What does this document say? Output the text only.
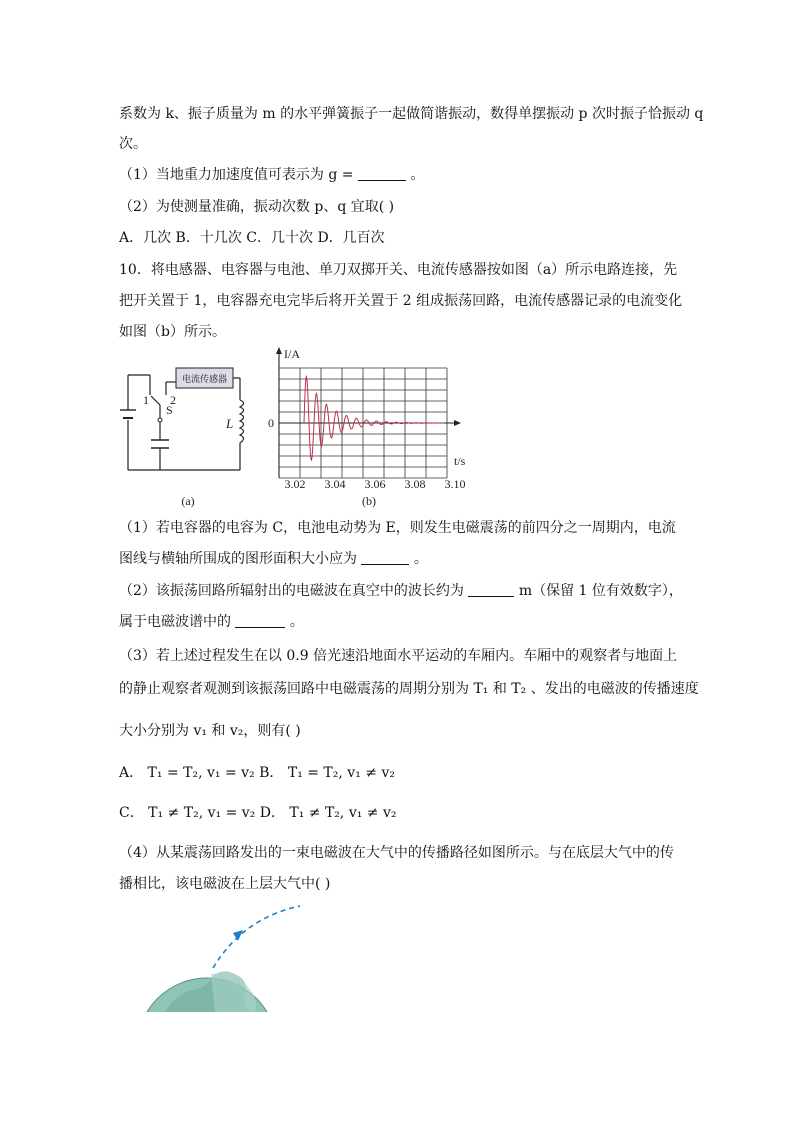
系数为 k、振子质量为 m 的水平弹簧振子一起做简谐振动，数得单摆振动 p 次时振子恰振动 q
次。
（1）当地重力加速度值可表示为 g =	。
（2）为使测量准确，振动次数 p、q 宜取( )
A．几次 B．十几次 C．几十次 D．几百次
10．将电感器、电容器与电池、单刀双掷开关、电流传感器按如图（a）所示电路连接，先
把开关置于 1，电容器充电完毕后将开关置于 2 组成振荡回路，电流传感器记录的电流变化
如图（b）所示。
（1）若电容器的电容为 C，电池电动势为 E，则发生电磁震荡的前四分之一周期内，电流
图线与横轴所围成的图形面积大小应为	。
（2）该振荡回路所辐射出的电磁波在真空中的波长约为	m（保留 1 位有效数字），
属于电磁波谱中的	。
（3）若上述过程发生在以 0.9 倍光速沿地面水平运动的车厢内。车厢中的观察者与地面上
的静止观察者观测到该振荡回路中电磁震荡的周期分别为 T₁ 和 T₂ 、发出的电磁波的传播速度
大小分别为 v₁ 和 v₂，则有( )
A． T₁ = T₂, v₁ = v₂ B． T₁ = T₂, v₁ ≠ v₂
C． T₁ ≠ T₂, v₁ = v₂ D． T₁ ≠ T₂, v₁ ≠ v₂
（4）从某震荡回路发出的一束电磁波在大气中的传播路径如图所示。与在底层大气中的传
播相比，该电磁波在上层大气中( )
电流传感器
1 2
S
L
(a)
I/A
t/s
0
3.02 3.04 3.06 3.08 3.10
(b)
